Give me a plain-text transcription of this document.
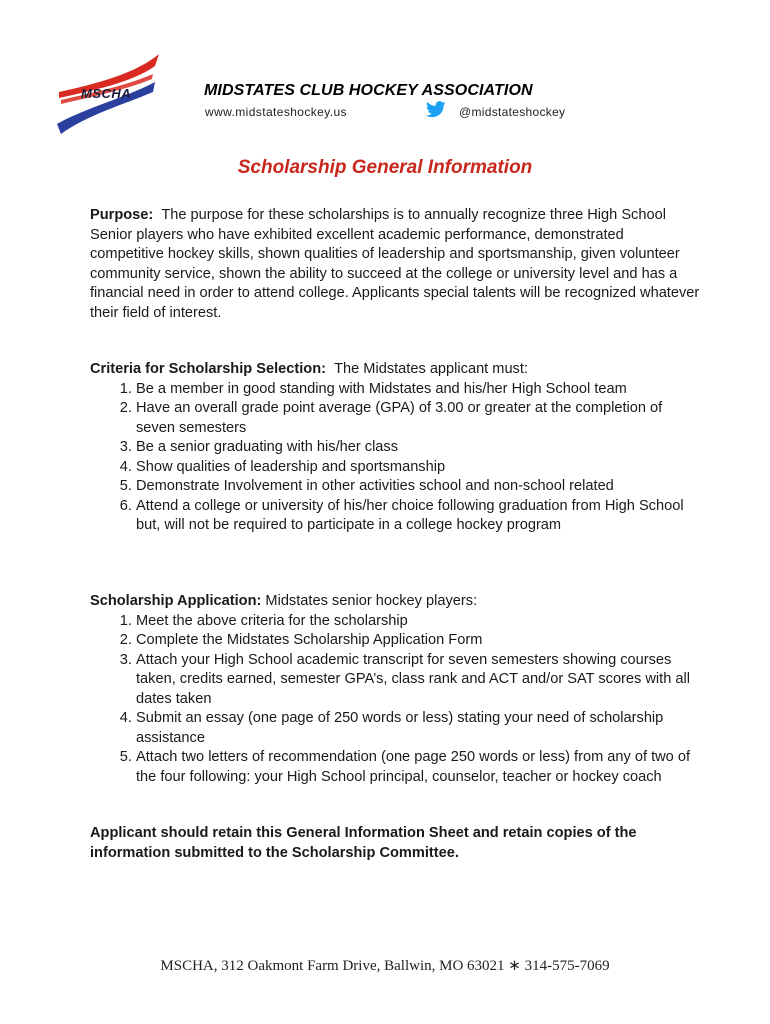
MSCHA	MIDSTATES CLUB HOCKEY ASSOCIATION
www.midstateshockey.us	@midstateshockey
Scholarship General Information
Purpose: The purpose for these scholarships is to annually recognize three High School Senior players who have exhibited excellent academic performance, demonstrated competitive hockey skills, shown qualities of leadership and sportsmanship, given volunteer community service, shown the ability to succeed at the college or university level and has a financial need in order to attend college. Applicants special talents will be recognized whatever their field of interest.
Criteria for Scholarship Selection: The Midstates applicant must:
1. Be a member in good standing with Midstates and his/her High School team
2. Have an overall grade point average (GPA) of 3.00 or greater at the completion of seven semesters
3. Be a senior graduating with his/her class
4. Show qualities of leadership and sportsmanship
5. Demonstrate Involvement in other activities school and non-school related
6. Attend a college or university of his/her choice following graduation from High School but, will not be required to participate in a college hockey program
Scholarship Application: Midstates senior hockey players:
1. Meet the above criteria for the scholarship
2. Complete the Midstates Scholarship Application Form
3. Attach your High School academic transcript for seven semesters showing courses taken, credits earned, semester GPA’s, class rank and ACT and/or SAT scores with all dates taken
4. Submit an essay (one page of 250 words or less) stating your need of scholarship assistance
5. Attach two letters of recommendation (one page 250 words or less) from any of two of the four following: your High School principal, counselor, teacher or hockey coach
Applicant should retain this General Information Sheet and retain copies of the information submitted to the Scholarship Committee.
MSCHA, 312 Oakmont Farm Drive, Ballwin, MO 63021 ∗ 314-575-7069
